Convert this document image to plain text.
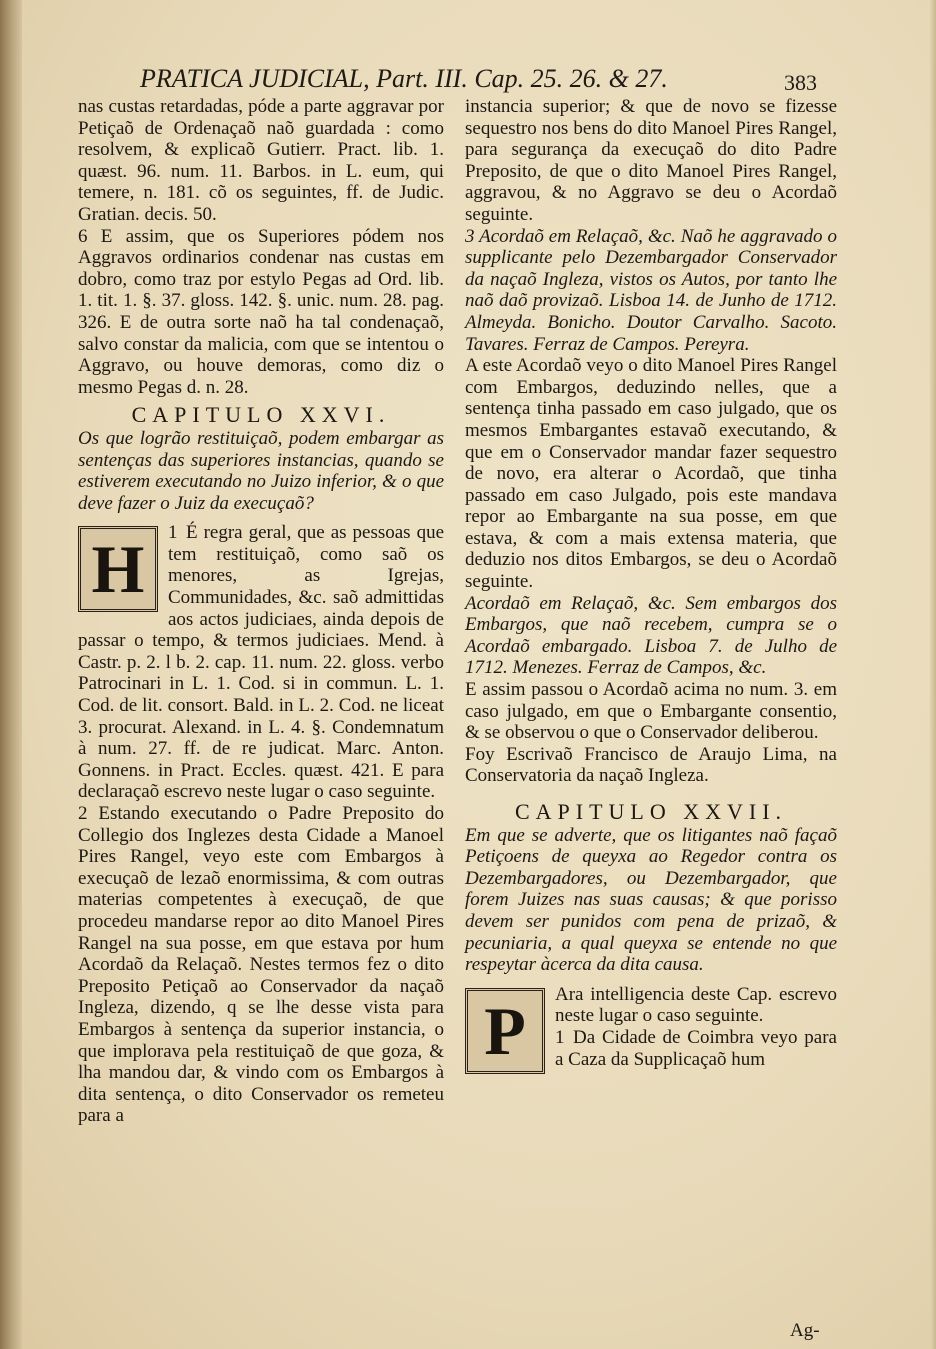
PRATICA JUDICIAL, Part. III. Cap. 25. 26. & 27.	383

nas custas retardadas, póde a parte aggravar por Petiçaõ de Ordenaçaõ naõ guardada : como resolvem, & explicaõ Gutierr. Pract. lib. 1. quæst. 96. num. 11. Barbos. in L. eum, qui temere, n. 181. cõ os seguintes, ff. de Judic. Gratian. decis. 50.

6 E assim, que os Superiores pódem nos Aggravos ordinarios condenar nas custas em dobro, como traz por estylo Pegas ad Ord. lib. 1. tit. 1. §. 37. gloss. 142. §. unic. num. 28. pag. 326. E de outra sorte naõ ha tal condenaçaõ, salvo constar da malicia, com que se intentou o Aggravo, ou houve demoras, como diz o mesmo Pegas d. n. 28.

CAPITULO XXVI.

Os que logrão restituiçaõ, podem embargar as sentenças das superiores instancias, quando se estiverem executando no Juizo inferior, & o que deve fazer o Juiz da execuçaõ?

H	1 É regra geral, que as pessoas que tem restituiçaõ, como saõ os menores, as Igrejas, Communidades, &c. saõ admittidas aos actos judiciaes, ainda depois de passar o tempo, & termos judiciaes. Mend. à Castr. p. 2. l b. 2. cap. 11. num. 22. gloss. verbo Patrocinari in L. 1. Cod. si in commun. L. 1. Cod. de lit. consort. Bald. in L. 2. Cod. ne liceat 3. procurat. Alexand. in L. 4. §. Condemnatum à num. 27. ff. de re judicat. Marc. Anton. Gonnens. in Pract. Eccles. quæst. 421. E para declaraçaõ escrevo neste lugar o caso seguinte.

2 Estando executando o Padre Preposito do Collegio dos Inglezes desta Cidade a Manoel Pires Rangel, veyo este com Embargos à execuçaõ de lezaõ enormissima, & com outras materias competentes à execuçaõ, de que procedeu mandarse repor ao dito Manoel Pires Rangel na sua posse, em que estava por hum Acordaõ da Relaçaõ. Nestes termos fez o dito Preposito Petiçaõ ao Conservador da naçaõ Ingleza, dizendo, q se lhe desse vista para Embargos à sentença da superior instancia, o que implorava pela restituiçaõ de que goza, & lha mandou dar, & vindo com os Embargos à dita sentença, o dito Conservador os remeteu para a

instancia superior; & que de novo se fizesse sequestro nos bens do dito Manoel Pires Rangel, para segurança da execuçaõ do dito Padre Preposito, de que o dito Manoel Pires Rangel, aggravou, & no Aggravo se deu o Acordaõ seguinte.

3 Acordaõ em Relaçaõ, &c. Naõ he aggravado o supplicante pelo Dezembargador Conservador da naçaõ Ingleza, vistos os Autos, por tanto lhe naõ daõ provizaõ. Lisboa 14. de Junho de 1712. Almeyda. Bonicho. Doutor Carvalho. Sacoto. Tavares. Ferraz de Campos. Pereyra.

A este Acordaõ veyo o dito Manoel Pires Rangel com Embargos, deduzindo nelles, que a sentença tinha passado em caso julgado, que os mesmos Embargantes estavaõ executando, & que em o Conservador mandar fazer sequestro de novo, era alterar o Acordaõ, que tinha passado em caso Julgado, pois este mandava repor ao Embargante na sua posse, em que estava, & com a mais extensa materia, que deduzio nos ditos Embargos, se deu o Acordaõ seguinte.

Acordaõ em Relaçaõ, &c. Sem embargos dos Embargos, que naõ recebem, cumpra se o Acordaõ embargado. Lisboa 7. de Julho de 1712. Menezes. Ferraz de Campos, &c.

E assim passou o Acordaõ acima no num. 3. em caso julgado, em que o Embargante consentio, & se observou o que o Conservador deliberou.

Foy Escrivaõ Francisco de Araujo Lima, na Conservatoria da naçaõ Ingleza.

CAPITULO XXVII.

Em que se adverte, que os litigantes naõ façaõ Petiçoens de queyxa ao Regedor contra os Dezembargadores, ou Dezembargador, que forem Juizes nas suas causas; & que porisso devem ser punidos com pena de prizaõ, & pecuniaria, a qual queyxa se entende no que respeytar àcerca da dita causa.

P	Ara intelligencia deste Cap. escrevo neste lugar o caso seguinte.

1 Da Cidade de Coimbra veyo para a Caza da Supplicaçaõ hum

Ag-
